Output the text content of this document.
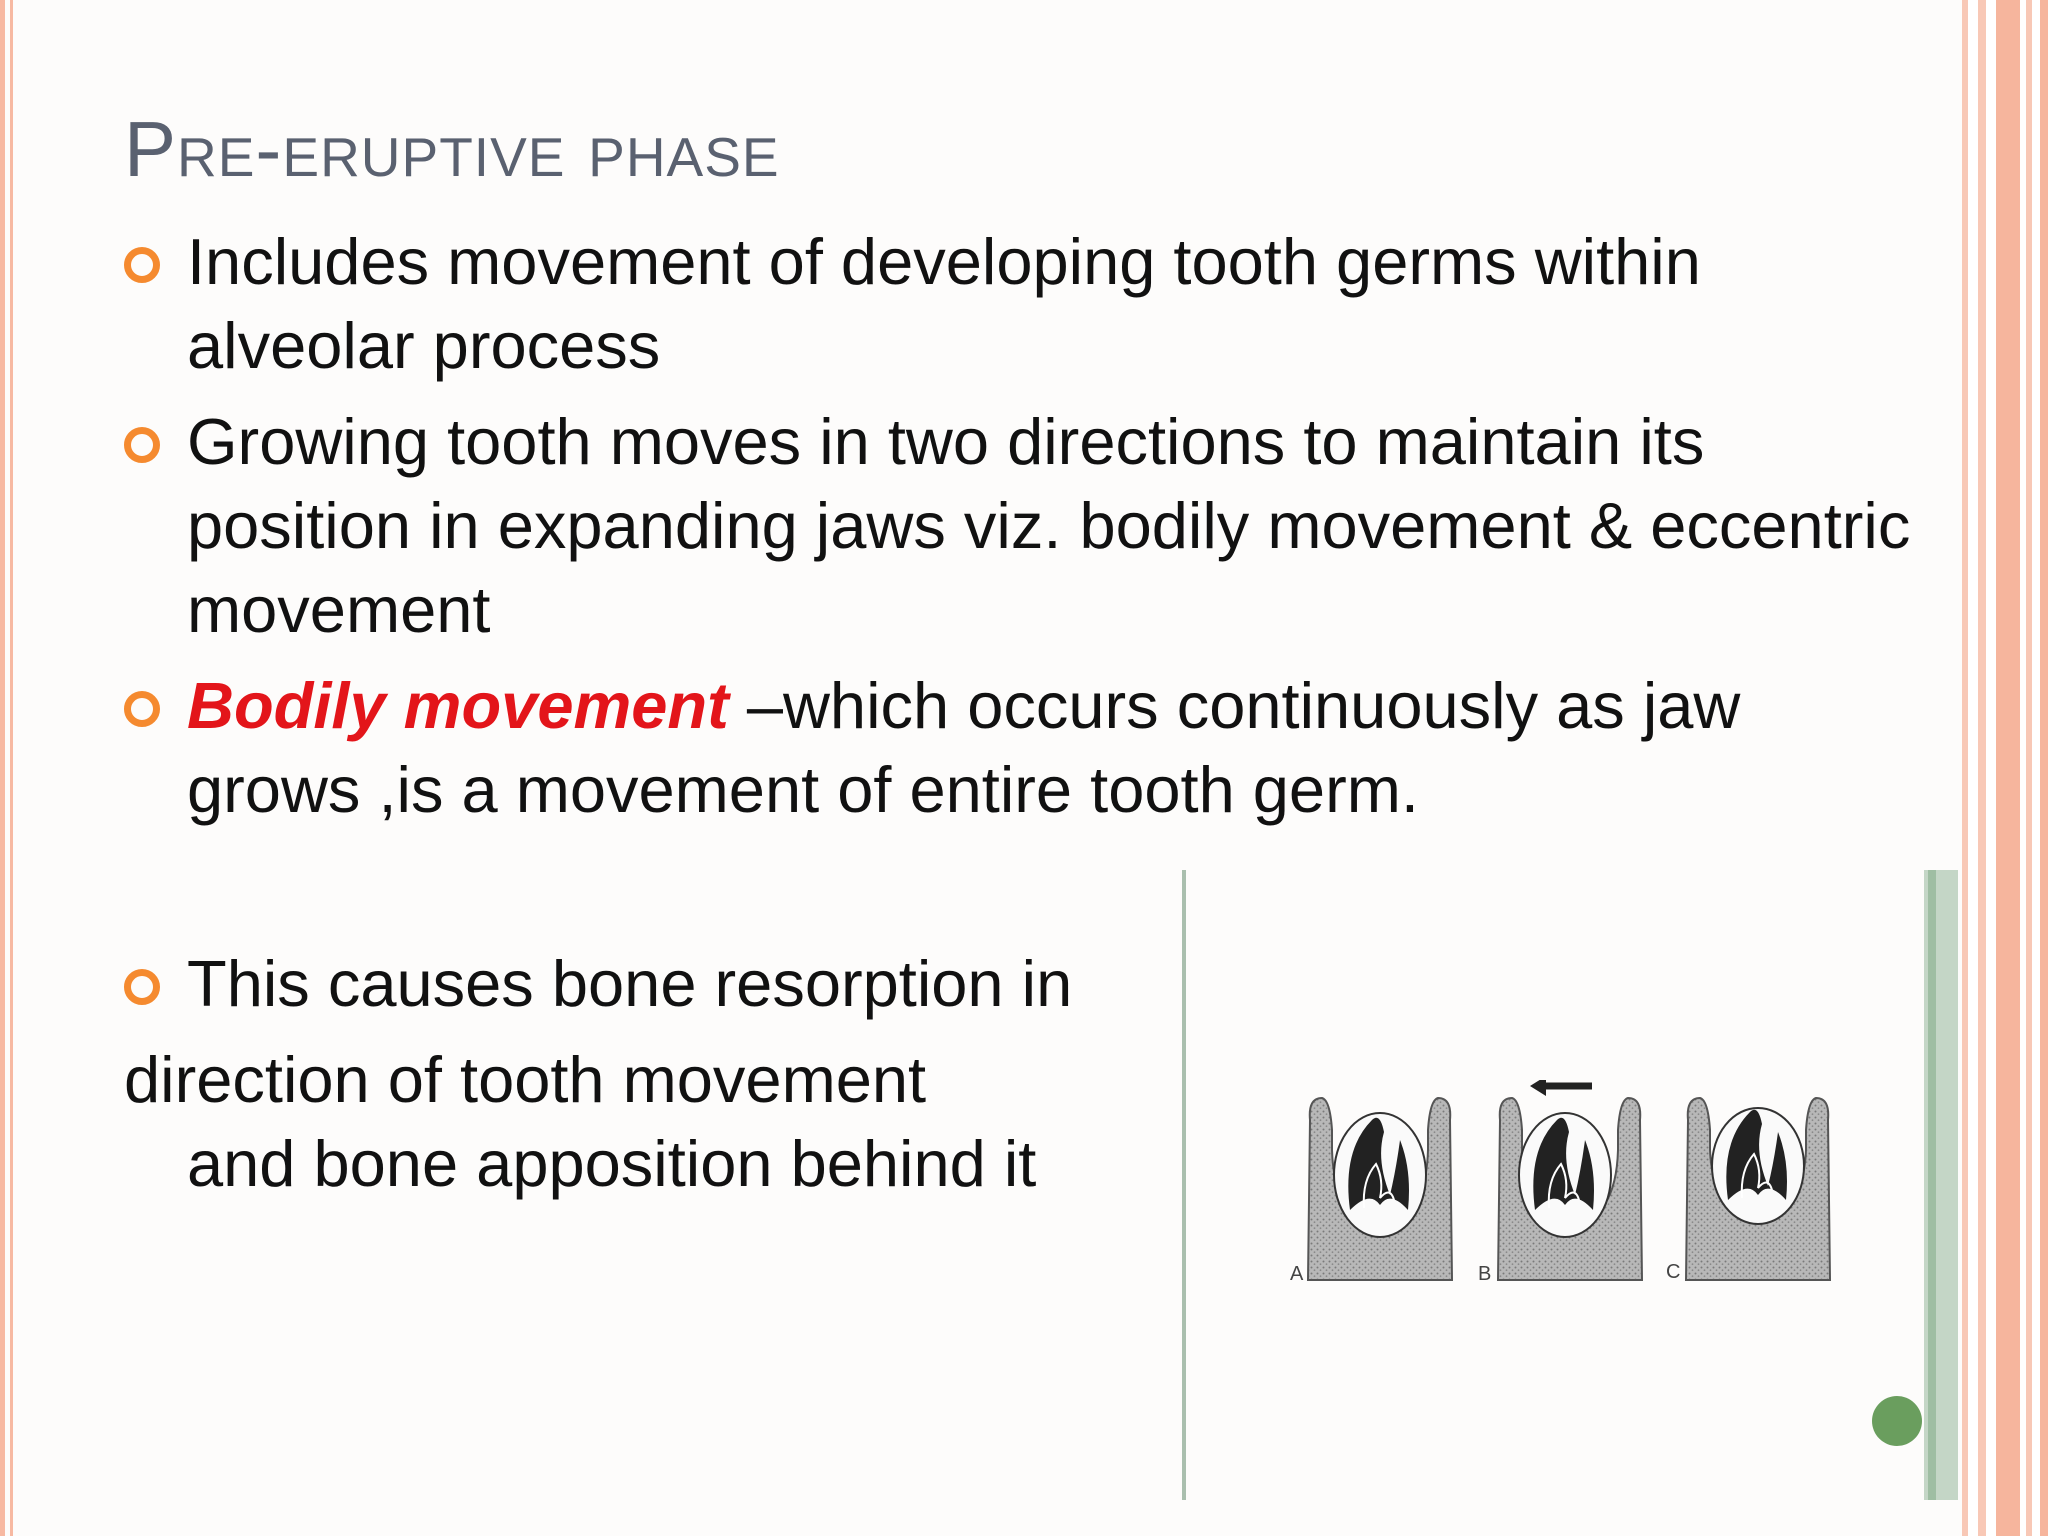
Pre-eruptive phase
Includes movement of developing tooth germs within alveolar process
Growing tooth moves in two directions to maintain its position in expanding jaws viz. bodily movement & eccentric movement
Bodily movement –which occurs continuously as jaw grows ,is a movement of entire tooth germ.
This causes bone resorption in
direction of tooth movement
and bone apposition behind it
A	B	C
